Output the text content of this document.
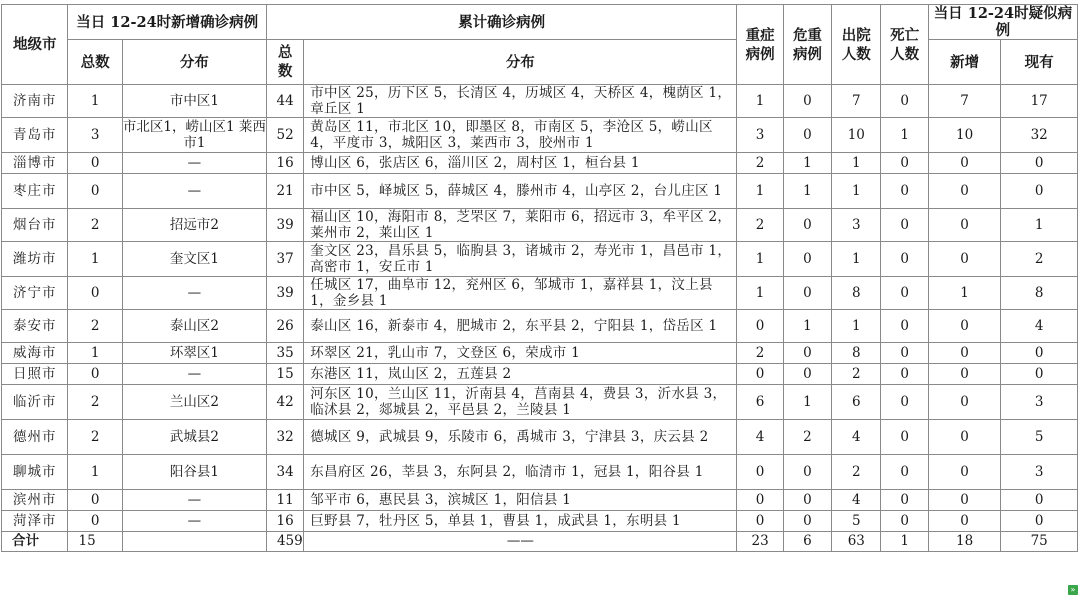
地级市	当日 12-24时新增确诊病例		累计确诊病例		重症病例	危重病例	出院人数	死亡人数	当日 12-24时疑似病例	
	总数	分布	总数	分布					新增	现有
济南市	1	市中区1	44	市中区 25，历下区 5，长清区 4，历城区 4，天桥区 4，槐荫区 1，章丘区 1	1	0	7	0	7	17
青岛市	3	市北区1，崂山区1 莱西市1	52	黄岛区 11，市北区 10，即墨区 8，市南区 5，李沧区 5，崂山区 4，平度市 3，城阳区 3，莱西市 3，胶州市 1	3	0	10	1	10	32
淄博市	0	—	16	博山区 6，张店区 6，淄川区 2，周村区 1，桓台县 1	2	1	1	0	0	0
枣庄市	0	—	21	市中区 5，峄城区 5，薛城区 4，滕州市 4，山亭区 2，台儿庄区 1	1	1	1	0	0	0
烟台市	2	招远市2	39	福山区 10，海阳市 8，芝罘区 7，莱阳市 6，招远市 3，牟平区 2，莱州市 2，莱山区 1	2	0	3	0	0	1
潍坊市	1	奎文区1	37	奎文区 23，昌乐县 5，临朐县 3，诸城市 2，寿光市 1，昌邑市 1，高密市 1，安丘市 1	1	0	1	0	0	2
济宁市	0	—	39	任城区 17，曲阜市 12，兖州区 6，邹城市 1，嘉祥县 1，汶上县 1，金乡县 1	1	0	8	0	1	8
泰安市	2	泰山区2	26	泰山区 16，新泰市 4，肥城市 2，东平县 2，宁阳县 1，岱岳区 1	0	1	1	0	0	4
威海市	1	环翠区1	35	环翠区 21，乳山市 7，文登区 6，荣成市 1	2	0	8	0	0	0
日照市	0	—	15	东港区 11，岚山区 2，五莲县 2	0	0	2	0	0	0
临沂市	2	兰山区2	42	河东区 10，兰山区 11，沂南县 4，莒南县 4，费县 3，沂水县 3，临沭县 2，郯城县 2，平邑县 2，兰陵县 1	6	1	6	0	0	3
德州市	2	武城县2	32	德城区 9，武城县 9，乐陵市 6，禹城市 3，宁津县 3，庆云县 2	4	2	4	0	0	5
聊城市	1	阳谷县1	34	东昌府区 26，莘县 3，东阿县 2，临清市 1，冠县 1，阳谷县 1	0	0	2	0	0	3
滨州市	0	—	11	邹平市 6，惠民县 3，滨城区 1，阳信县 1	0	0	4	0	0	0
菏泽市	0	—	16	巨野县 7，牡丹区 5，单县 1，曹县 1，成武县 1，东明县 1	0	0	5	0	0	0
合计	15		459	——	23	6	63	1	18	75
»
